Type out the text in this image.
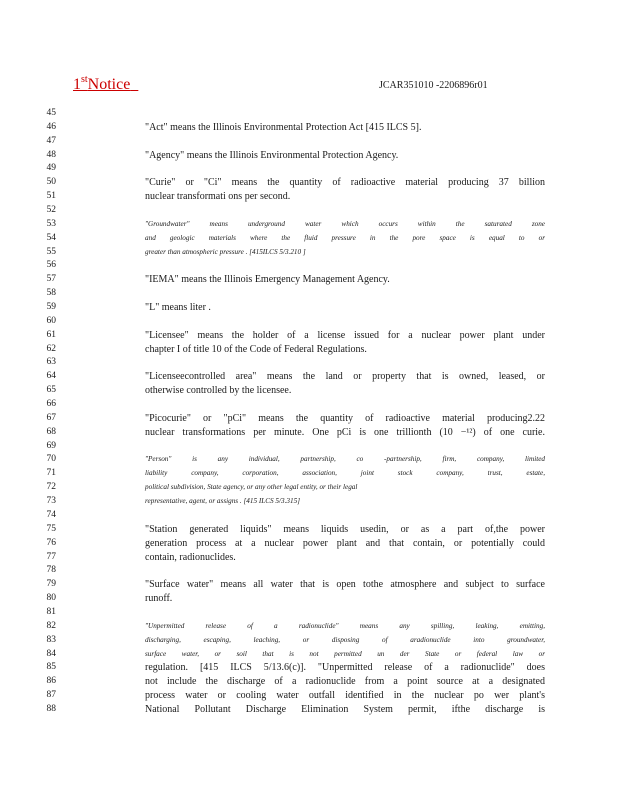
1stNotice	JCAR351010 -2206896r01
45
46
47
48
49
50
51
52
53
54
55
56
57
58
59
60
61
62
63
64
65
66
67
68
69
70
71
72
73
74
75
76
77
78
79
80
81
82
83
84
85
86
87
88
"Act" means the Illinois Environmental Protection Act [415 ILCS 5].
"Agency" means the Illinois Environmental Protection Agency.
"Curie" or "Ci" means the quantity of radioactive material producing 37 billion
nuclear transformati ons per second.
"Groundwater" means underground water which occurs within the saturated zone
and geologic materials where the fluid pressure in the pore space is equal to or
greater than atmospheric pressure . [415ILCS 5/3.210 ]
"IEMA" means the Illinois Emergency Management Agency.
"L" means liter .
"Licensee" means the holder of a license issued for a nuclear power plant under
chapter I of title 10 of the Code of Federal Regulations.
"Licenseecontrolled area" means the land or property that is owned, leased, or
otherwise controlled by the licensee.
"Picocurie" or "pCi" means the quantity of radioactive material producing2.22
nuclear transformations per minute. One pCi is one trillionth (10 −¹²) of one curie.
"Person" is any individual, partnership, co -partnership, firm, company, limited
liability company, corporation, association, joint stock company, trust, estate,
political subdivision, State agency, or any other legal entity, or their legal
representative, agent, or assigns . [415 ILCS 5/3.315]
"Station generated liquids" means liquids usedin, or as a part of,the power
generation process at a nuclear power plant and that contain, or potentially could
contain, radionuclides.
"Surface water" means all water that is open tothe atmosphere and subject to surface
runoff.
"Unpermitted release of a radionuclide" means any spilling, leaking, emitting,
discharging, escaping, leaching, or disposing of aradionuclide into groundwater,
surface water, or soil that is not permitted un der State or federal law or
regulation. [415 ILCS 5/13.6(c)]. "Unpermitted release of a radionuclide" does
not include the discharge of a radionuclide from a point source at a designated
process water or cooling water outfall identified in the nuclear po wer plant's
National Pollutant Discharge Elimination System permit, ifthe discharge is
